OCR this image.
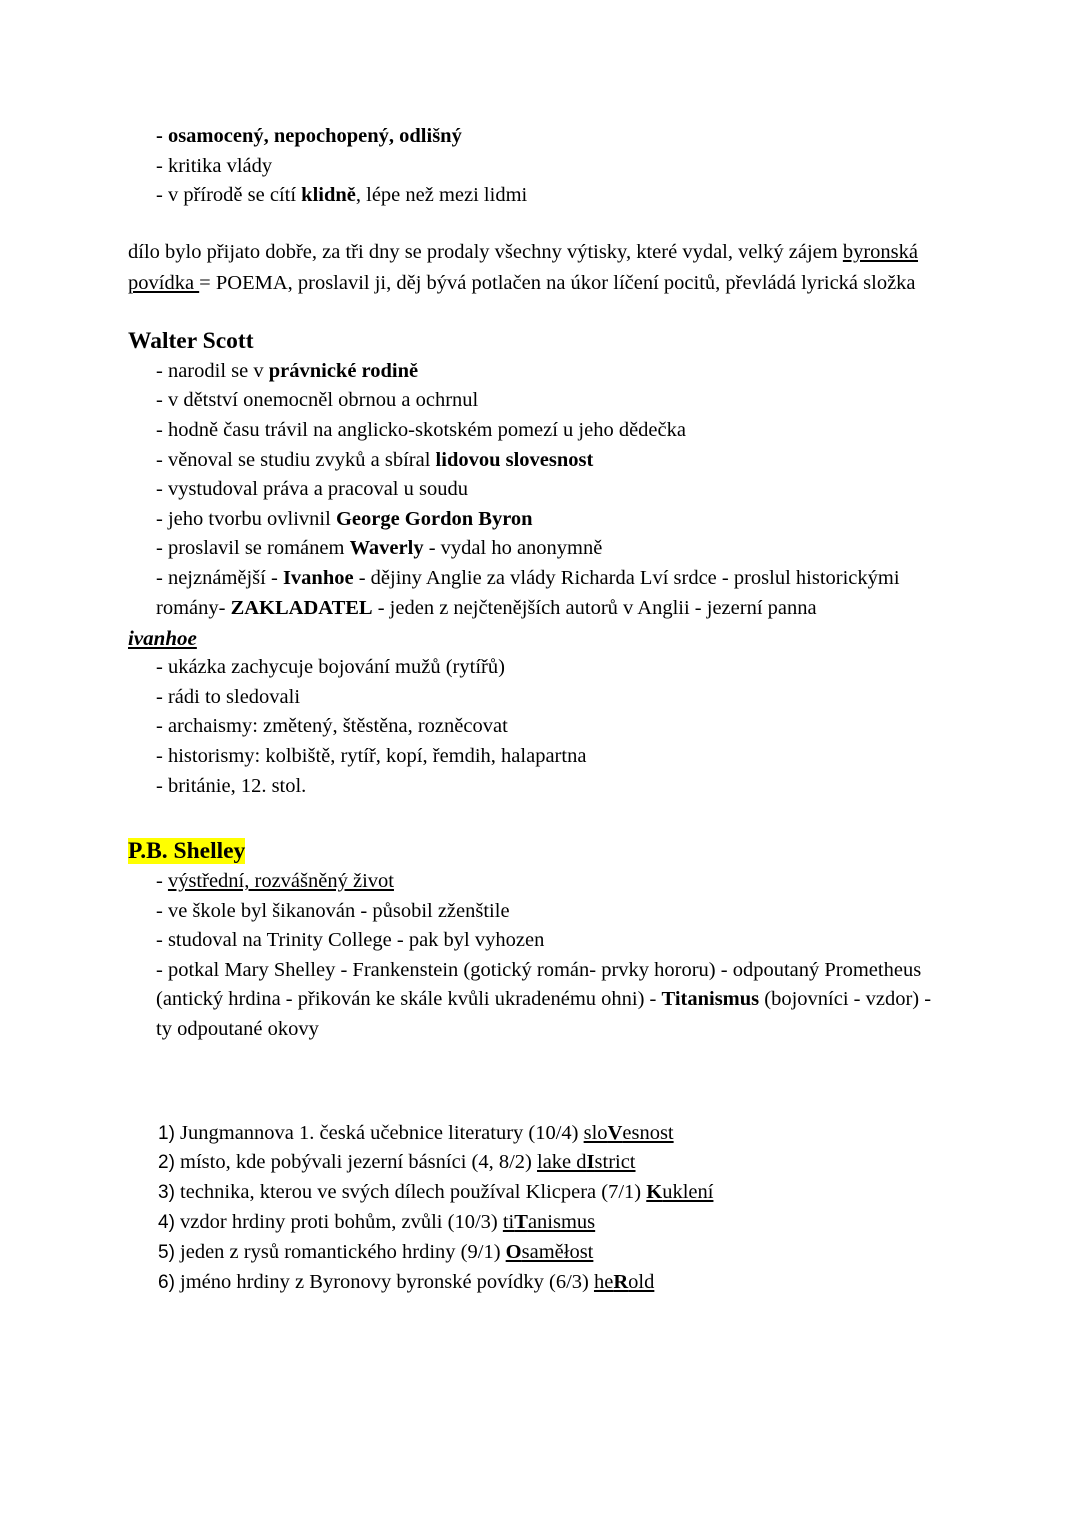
- osamocený, nepochopený, odlišný
- kritika vlády
- v přírodě se cítí klidně, lépe než mezi lidmi
dílo bylo přijato dobře, za tři dny se prodaly všechny výtisky, které vydal, velký zájem byronská povídka = POEMA, proslavil ji, děj bývá potlačen na úkor líčení pocitů, převládá lyrická složka
Walter Scott
- narodil se v právnické rodině
- v dětství onemocněl obrnou a ochrnul
- hodně času trávil na anglicko-skotském pomezí u jeho dědečka
- věnoval se studiu zvyků a sbíral lidovou slovesnost
- vystudoval práva a pracoval u soudu
- jeho tvorbu ovlivnil George Gordon Byron
- proslavil se románem Waverly - vydal ho anonymně
- nejznámější - Ivanhoe - dějiny Anglie za vlády Richarda Lví srdce - proslul historickými romány- ZAKLADATEL - jeden z nejčtenějších autorů v Anglii - jezerní panna
ivanhoe
- ukázka zachycuje bojování mužů (rytířů)
- rádi to sledovali
- archaismy: změtený, štěstěna, rozněcovat
- historismy: kolbiště, rytíř, kopí, řemdih, halapartna
- británie, 12. stol.
P.B. Shelley
- výstřední, rozvášněný život
- ve škole byl šikanován - působil zženštile
- studoval na Trinity College - pak byl vyhozen
- potkal Mary Shelley - Frankenstein (gotický román- prvky hororu) - odpoutaný Prometheus (antický hrdina - přikován ke skále kvůli ukradenému ohni) - Titanismus (bojovníci - vzdor) - ty odpoutané okovy
1) Jungmannova 1. česká učebnice literatury (10/4) sloVesnost
2) místo, kde pobývali jezerní básníci (4, 8/2) lake dIstrict
3) technika, kterou ve svých dílech používal Klicpera (7/1) Kuklení
4) vzdor hrdiny proti bohům, zvůli (10/3) tiTanismus
5) jeden z rysů romantického hrdiny (9/1) Osaměłost
6) jméno hrdiny z Byronovy byronské povídky (6/3) heRold
